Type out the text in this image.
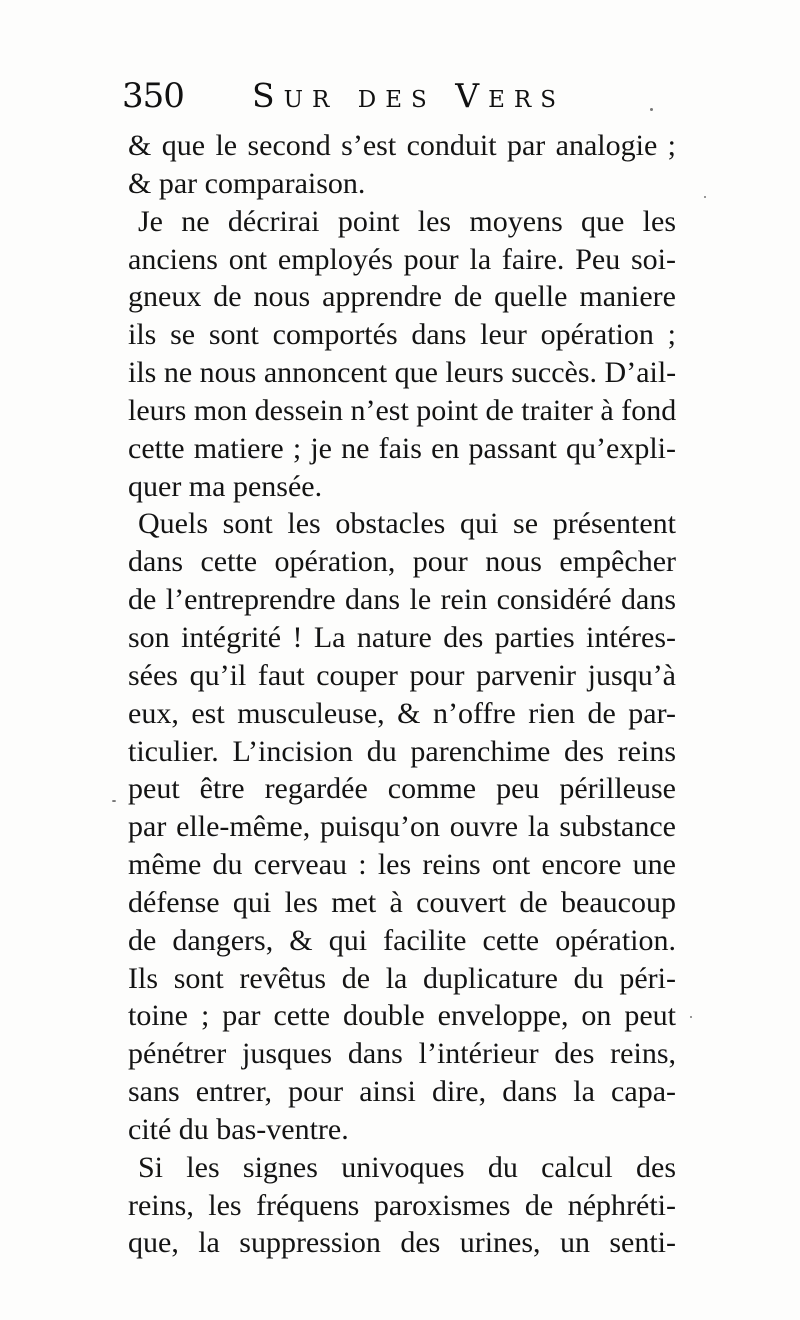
350 Sur des Vers
& que le second s’est conduit par analogie ;
& par comparaison.
Je ne décrirai point les moyens que les
anciens ont employés pour la faire. Peu soi-
gneux de nous apprendre de quelle maniere
ils se sont comportés dans leur opération ;
ils ne nous annoncent que leurs succès. D’ail-
leurs mon dessein n’est point de traiter à fond
cette matiere ; je ne fais en passant qu’expli-
quer ma pensée.
Quels sont les obstacles qui se présentent
dans cette opération, pour nous empêcher
de l’entreprendre dans le rein considéré dans
son intégrité ! La nature des parties intéres-
sées qu’il faut couper pour parvenir jusqu’à
eux, est musculeuse, & n’offre rien de par-
ticulier. L’incision du parenchime des reins
peut être regardée comme peu périlleuse
par elle-même, puisqu’on ouvre la substance
même du cerveau : les reins ont encore une
défense qui les met à couvert de beaucoup
de dangers, & qui facilite cette opération.
Ils sont revêtus de la duplicature du péri-
toine ; par cette double enveloppe, on peut
pénétrer jusques dans l’intérieur des reins,
sans entrer, pour ainsi dire, dans la capa-
cité du bas-ventre.
Si les signes univoques du calcul des
reins, les fréquens paroxismes de néphréti-
que, la suppression des urines, un senti-
